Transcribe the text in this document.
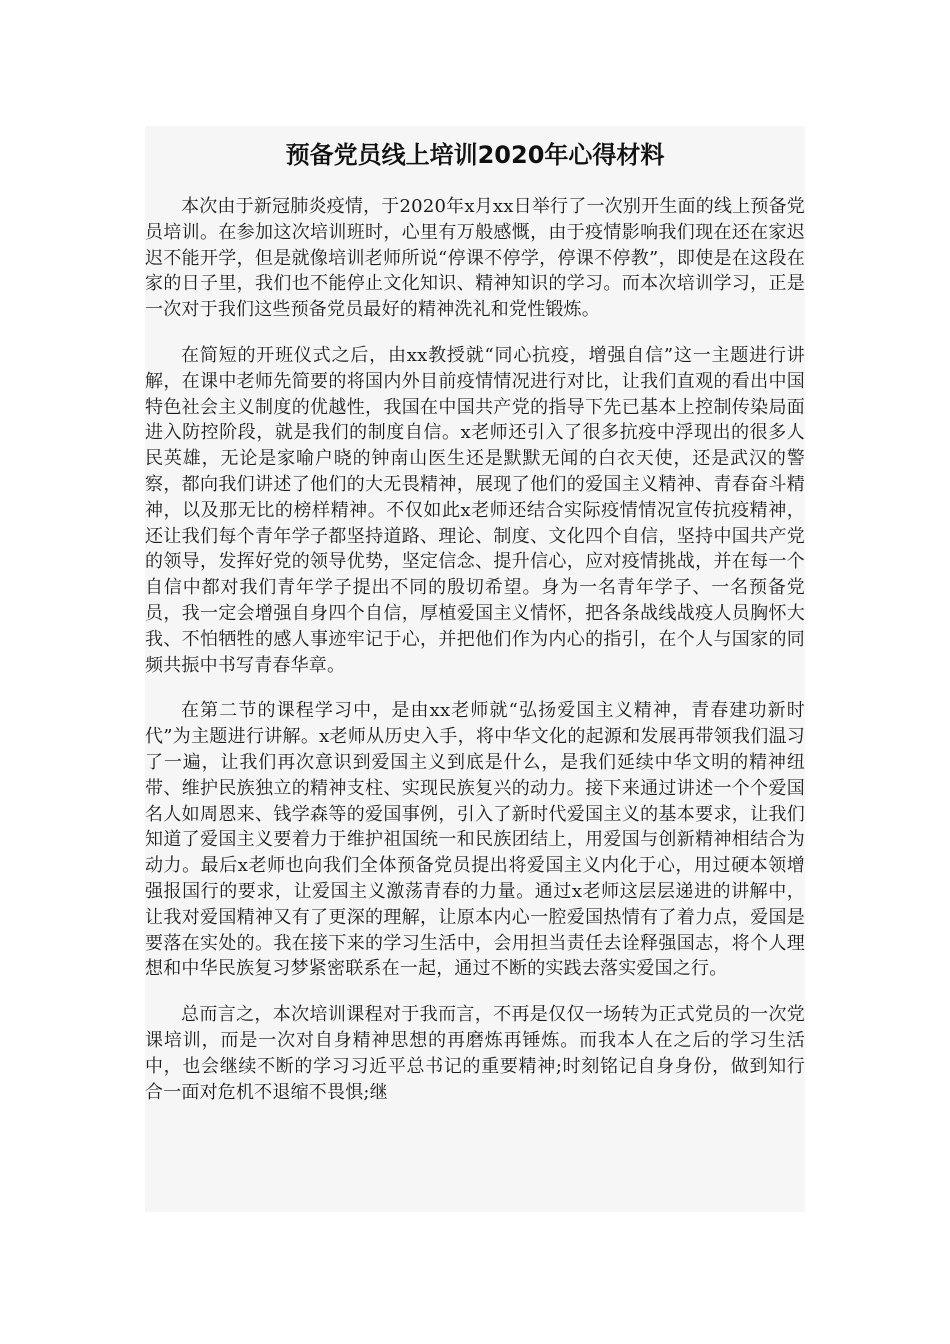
预备党员线上培训2020年心得材料

本次由于新冠肺炎疫情，于2020年x月xx日举行了一次别开生面的线上预备党员培训。在参加这次培训班时，心里有万般感慨，由于疫情影响我们现在还在家迟迟不能开学，但是就像培训老师所说“停课不停学，停课不停教”，即使是在这段在家的日子里，我们也不能停止文化知识、精神知识的学习。而本次培训学习，正是一次对于我们这些预备党员最好的精神洗礼和党性锻炼。

在简短的开班仪式之后，由xx教授就“同心抗疫，增强自信”这一主题进行讲解，在课中老师先简要的将国内外目前疫情情况进行对比，让我们直观的看出中国特色社会主义制度的优越性，我国在中国共产党的指导下先已基本上控制传染局面进入防控阶段，就是我们的制度自信。x老师还引入了很多抗疫中浮现出的很多人民英雄，无论是家喻户晓的钟南山医生还是默默无闻的白衣天使，还是武汉的警察，都向我们讲述了他们的大无畏精神，展现了他们的爱国主义精神、青春奋斗精神，以及那无比的榜样精神。不仅如此x老师还结合实际疫情情况宣传抗疫精神，还让我们每个青年学子都坚持道路、理论、制度、文化四个自信，坚持中国共产党的领导，发挥好党的领导优势，坚定信念、提升信心，应对疫情挑战，并在每一个自信中都对我们青年学子提出不同的殷切希望。身为一名青年学子、一名预备党员，我一定会增强自身四个自信，厚植爱国主义情怀，把各条战线战疫人员胸怀大我、不怕牺牲的感人事迹牢记于心，并把他们作为内心的指引，在个人与国家的同频共振中书写青春华章。

在第二节的课程学习中，是由xx老师就“弘扬爱国主义精神，青春建功新时代”为主题进行讲解。x老师从历史入手，将中华文化的起源和发展再带领我们温习了一遍，让我们再次意识到爱国主义到底是什么，是我们延续中华文明的精神纽带、维护民族独立的精神支柱、实现民族复兴的动力。接下来通过讲述一个个爱国名人如周恩来、钱学森等的爱国事例，引入了新时代爱国主义的基本要求，让我们知道了爱国主义要着力于维护祖国统一和民族团结上，用爱国与创新精神相结合为动力。最后x老师也向我们全体预备党员提出将爱国主义内化于心，用过硬本领增强报国行的要求，让爱国主义激荡青春的力量。通过x老师这层层递进的讲解中，让我对爱国精神又有了更深的理解，让原本内心一腔爱国热情有了着力点，爱国是要落在实处的。我在接下来的学习生活中，会用担当责任去诠释强国志，将个人理想和中华民族复习梦紧密联系在一起，通过不断的实践去落实爱国之行。

总而言之，本次培训课程对于我而言，不再是仅仅一场转为正式党员的一次党课培训，而是一次对自身精神思想的再磨炼再锤炼。而我本人在之后的学习生活中，也会继续不断的学习习近平总书记的重要精神;时刻铭记自身身份，做到知行合一面对危机不退缩不畏惧;继
